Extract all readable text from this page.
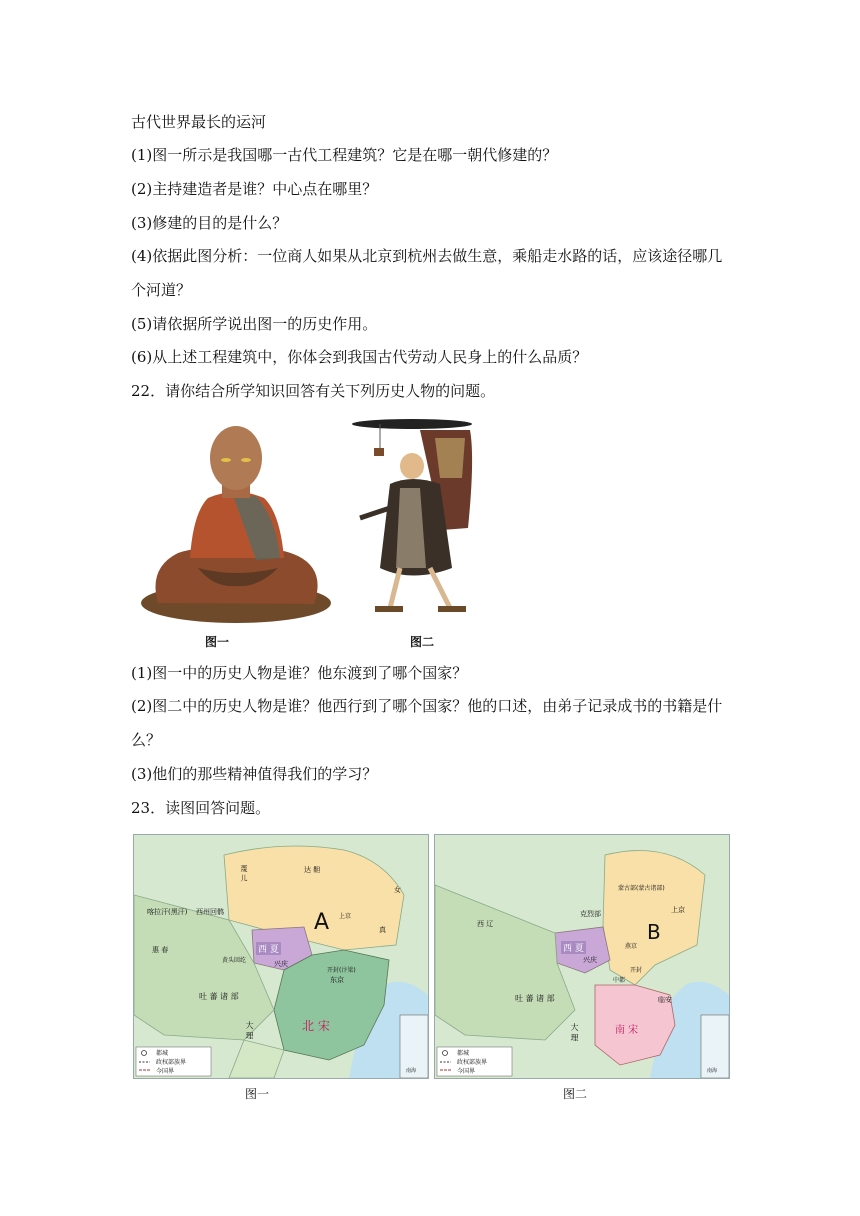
古代世界最长的运河
(1)图一所示是我国哪一古代工程建筑？它是在哪一朝代修建的？
(2)主持建造者是谁？中心点在哪里？
(3)修建的目的是什么？
(4)依据此图分析：一位商人如果从北京到杭州去做生意，乘船走水路的话，应该途径哪几
个河道？
(5)请依据所学说出图一的历史作用。
(6)从上述工程建筑中，你体会到我国古代劳动人民身上的什么品质？
22．请你结合所学知识回答有关下列历史人物的问题。
图一	图二
(1)图一中的历史人物是谁？他东渡到了哪个国家？
(2)图二中的历史人物是谁？他西行到了哪个国家？他的口述，由弟子记录成书的书籍是什
么？
(3)他们的那些精神值得我们的学习？
23．读图回答问题。
A
西 夏
兴庆
北 宋
东京
开封(汴梁)
上京
大 理
吐 蕃 诸 部
西州回鹘
喀拉汗(黑汗)
黄头回纥
惠 春
真
女
达 靼
蔑 儿
南海
都城
政权部族界
今国界
图一
B
西 夏
兴庆
南 宋
临安
中都
开封
燕京
上京
大 理
吐 蕃 诸 部
西 辽
克烈部
蒙古部(蒙古诸部)
南海
都城
政权部族界
今国界
图二
